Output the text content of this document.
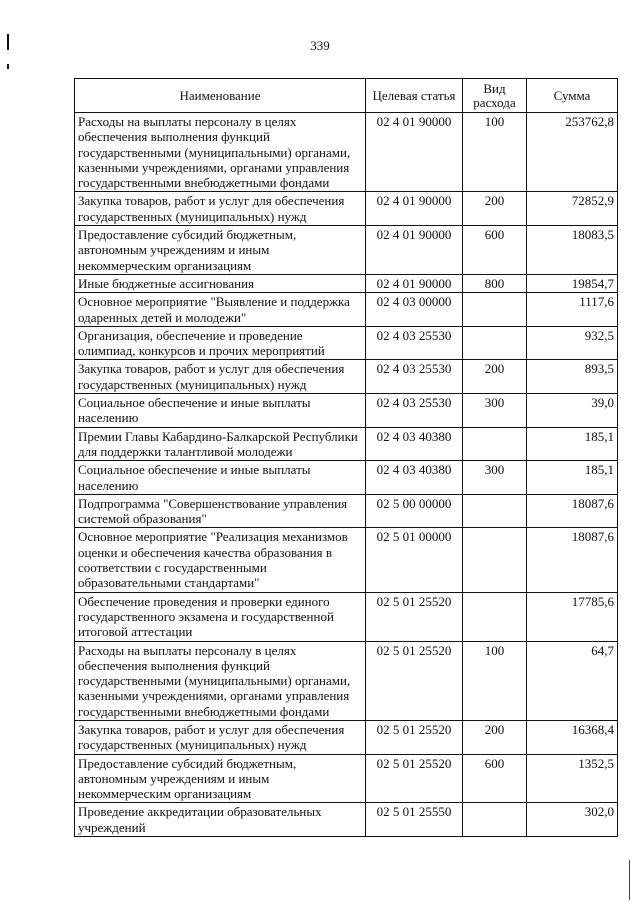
339
Наименование	Целевая статья	Вид расхода	Сумма
Расходы на выплаты персоналу в целях обеспечения выполнения функций государственными (муниципальными) органами, казенными учреждениями, органами управления государственными внебюджетными фондами	02 4 01 90000	100	253762,8
Закупка товаров, работ и услуг для обеспечения государственных (муниципальных) нужд	02 4 01 90000	200	72852,9
Предоставление субсидий бюджетным, автономным учреждениям и иным некоммерческим организациям	02 4 01 90000	600	18083,5
Иные бюджетные ассигнования	02 4 01 90000	800	19854,7
Основное мероприятие "Выявление и поддержка одаренных детей и молодежи"	02 4 03 00000		1117,6
Организация, обеспечение и проведение олимпиад, конкурсов и прочих мероприятий	02 4 03 25530		932,5
Закупка товаров, работ и услуг для обеспечения государственных (муниципальных) нужд	02 4 03 25530	200	893,5
Социальное обеспечение и иные выплаты населению	02 4 03 25530	300	39,0
Премии Главы Кабардино-Балкарской Республики для поддержки талантливой молодежи	02 4 03 40380		185,1
Социальное обеспечение и иные выплаты населению	02 4 03 40380	300	185,1
Подпрограмма "Совершенствование управления системой образования"	02 5 00 00000		18087,6
Основное мероприятие "Реализация механизмов оценки и обеспечения качества образования в соответствии с государственными образовательными стандартами"	02 5 01 00000		18087,6
Обеспечение проведения и проверки единого государственного экзамена и государственной итоговой аттестации	02 5 01 25520		17785,6
Расходы на выплаты персоналу в целях обеспечения выполнения функций государственными (муниципальными) органами, казенными учреждениями, органами управления государственными внебюджетными фондами	02 5 01 25520	100	64,7
Закупка товаров, работ и услуг для обеспечения государственных (муниципальных) нужд	02 5 01 25520	200	16368,4
Предоставление субсидий бюджетным, автономным учреждениям и иным некоммерческим организациям	02 5 01 25520	600	1352,5
Проведение аккредитации образовательных учреждений	02 5 01 25550		302,0
